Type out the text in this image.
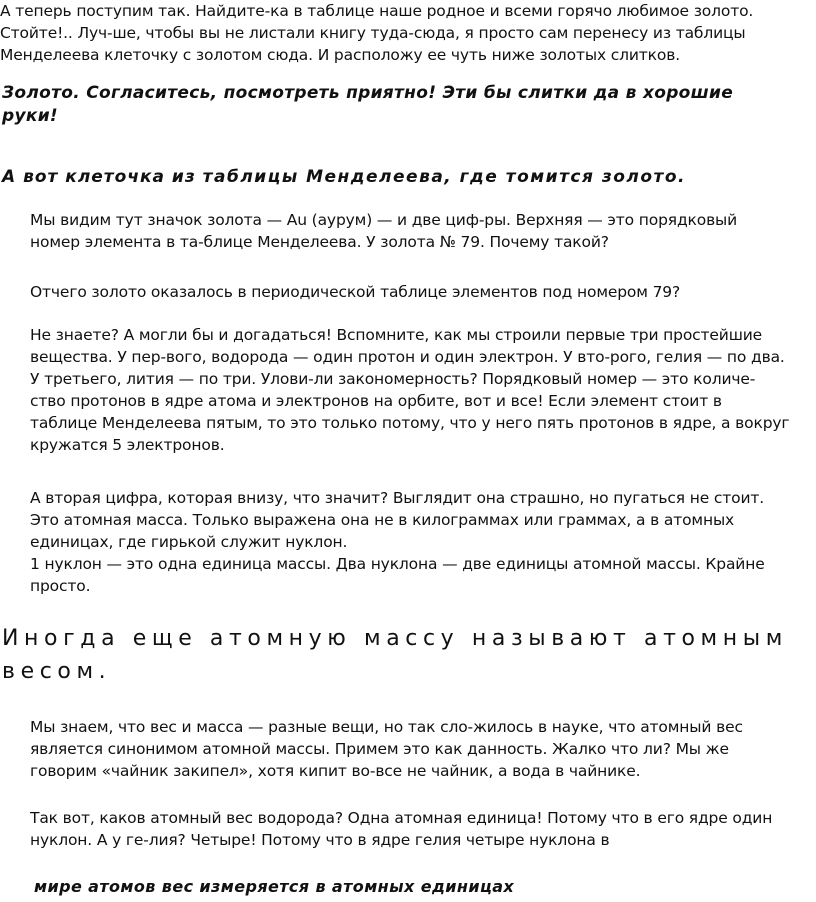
А теперь поступим так. Найдите-ка в таблице наше родное и всеми горячо любимое золото. Стойте!.. Луч-ше, чтобы вы не листали книгу туда-сюда, я просто сам перенесу из таблицы Менделеева клеточку с золотом сюда. И расположу ее чуть ниже золотых слитков.

Золото. Согласитесь, посмотреть приятно! Эти бы слитки да в хорошие руки!

А вот клеточка из таблицы Менделеева, где томится золото.

Мы видим тут значок золота — Au (аурум) — и две циф-ры. Верхняя — это порядковый номер элемента в та-блице Менделеева. У золота № 79. Почему такой?

Отчего золото оказалось в периодической таблице элементов под номером 79?

Не знаете? А могли бы и догадаться! Вспомните, как мы строили первые три простейшие вещества. У пер-вого, водорода — один протон и один электрон. У вто-рого, гелия — по два. У третьего, лития — по три. Улови-ли закономерность? Порядковый номер — это количе-ство протонов в ядре атома и электронов на орбите, вот и все! Если элемент стоит в таблице Менделеева пятым, то это только потому, что у него пять протонов в ядре, а вокруг кружатся 5 электронов.

А вторая цифра, которая внизу, что значит? Выглядит она страшно, но пугаться не стоит. Это атомная масса. Только выражена она не в килограммах или граммах, а в атомных единицах, где гирькой служит нуклон.

1 нуклон — это одна единица массы. Два нуклона — две единицы атомной массы. Крайне просто.

Иногда еще атомную массу называют атомным весом.

Мы знаем, что вес и масса — разные вещи, но так сло-жилось в науке, что атомный вес является синонимом атомной массы. Примем это как данность. Жалко что ли? Мы же говорим «чайник закипел», хотя кипит во-все не чайник, а вода в чайнике.

Так вот, каков атомный вес водорода? Одна атомная единица! Потому что в его ядре один нуклон. А у ге-лия? Четыре! Потому что в ядре гелия четыре нуклона в

мире атомов вес измеряется в атомных единицах
